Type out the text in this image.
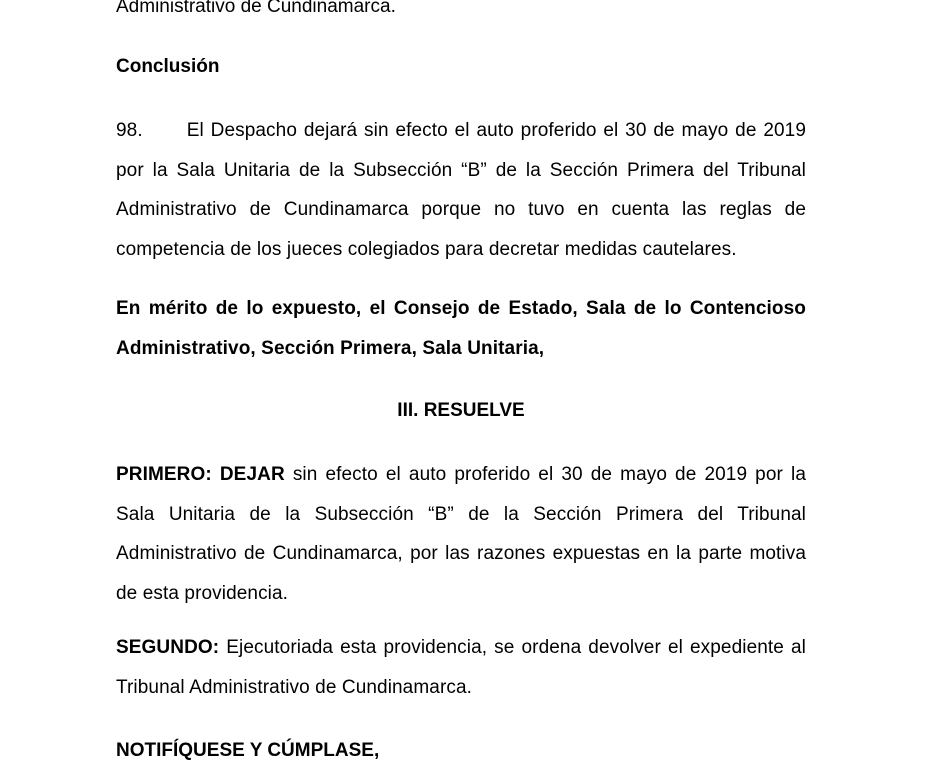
Administrativo de Cundinamarca.
Conclusión

98. El Despacho dejará sin efecto el auto proferido el 30 de mayo de 2019 por la Sala Unitaria de la Subsección “B” de la Sección Primera del Tribunal Administrativo de Cundinamarca porque no tuvo en cuenta las reglas de competencia de los jueces colegiados para decretar medidas cautelares.

En mérito de lo expuesto, el Consejo de Estado, Sala de lo Contencioso Administrativo, Sección Primera, Sala Unitaria,

III. RESUELVE

PRIMERO: DEJAR sin efecto el auto proferido el 30 de mayo de 2019 por la Sala Unitaria de la Subsección “B” de la Sección Primera del Tribunal Administrativo de Cundinamarca, por las razones expuestas en la parte motiva de esta providencia.

SEGUNDO: Ejecutoriada esta providencia, se ordena devolver el expediente al Tribunal Administrativo de Cundinamarca.

NOTIFÍQUESE Y CÚMPLASE,
